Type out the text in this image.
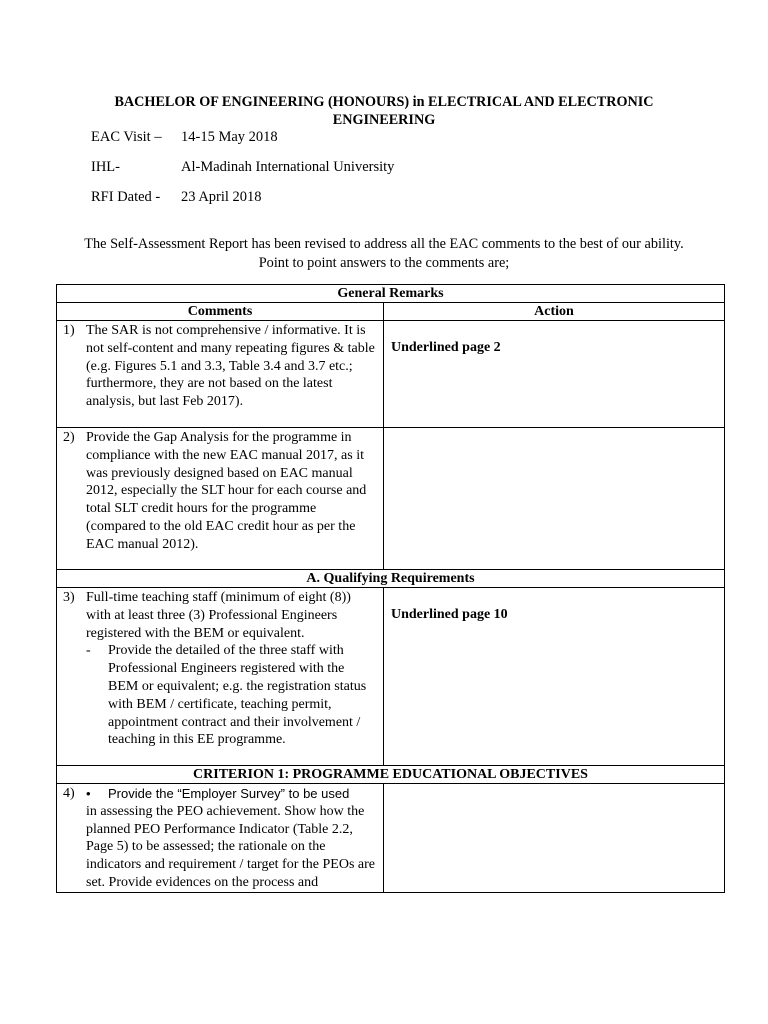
BACHELOR OF ENGINEERING (HONOURS) in ELECTRICAL AND ELECTRONIC ENGINEERING
EAC Visit – 14-15 May 2018
IHL-	Al-Madinah International University
RFI Dated - 23 April 2018
The Self-Assessment Report has been revised to address all the EAC comments to the best of our ability. Point to point answers to the comments are;
General Remarks	
Comments	Action

1) The SAR is not comprehensive / informative. It is not self-content and many repeating figures & table (e.g. Figures 5.1 and 3.3, Table 3.4 and 3.7 etc.; furthermore, they are not based on the latest analysis, but last Feb 2017).	Underlined page 2

2) Provide the Gap Analysis for the programme in compliance with the new EAC manual 2017, as it was previously designed based on EAC manual 2012, especially the SLT hour for each course and total SLT credit hours for the programme (compared to the old EAC credit hour as per the EAC manual 2012).	
A. Qualifying Requirements	

3) Full-time teaching staff (minimum of eight (8)) with at least three (3) Professional Engineers registered with the BEM or equivalent.
- Provide the detailed of the three staff with Professional Engineers registered with the BEM or equivalent; e.g. the registration status with BEM / certificate, teaching permit, appointment contract and their involvement / teaching in this EE programme.	Underlined page 10
CRITERION 1: PROGRAMME EDUCATIONAL OBJECTIVES	

4) • Provide the “Employer Survey” to be used
in assessing the PEO achievement. Show how the planned PEO Performance Indicator (Table 2.2, Page 5) to be assessed; the rationale on the indicators and requirement / target for the PEOs are set. Provide evidences on the process and	
